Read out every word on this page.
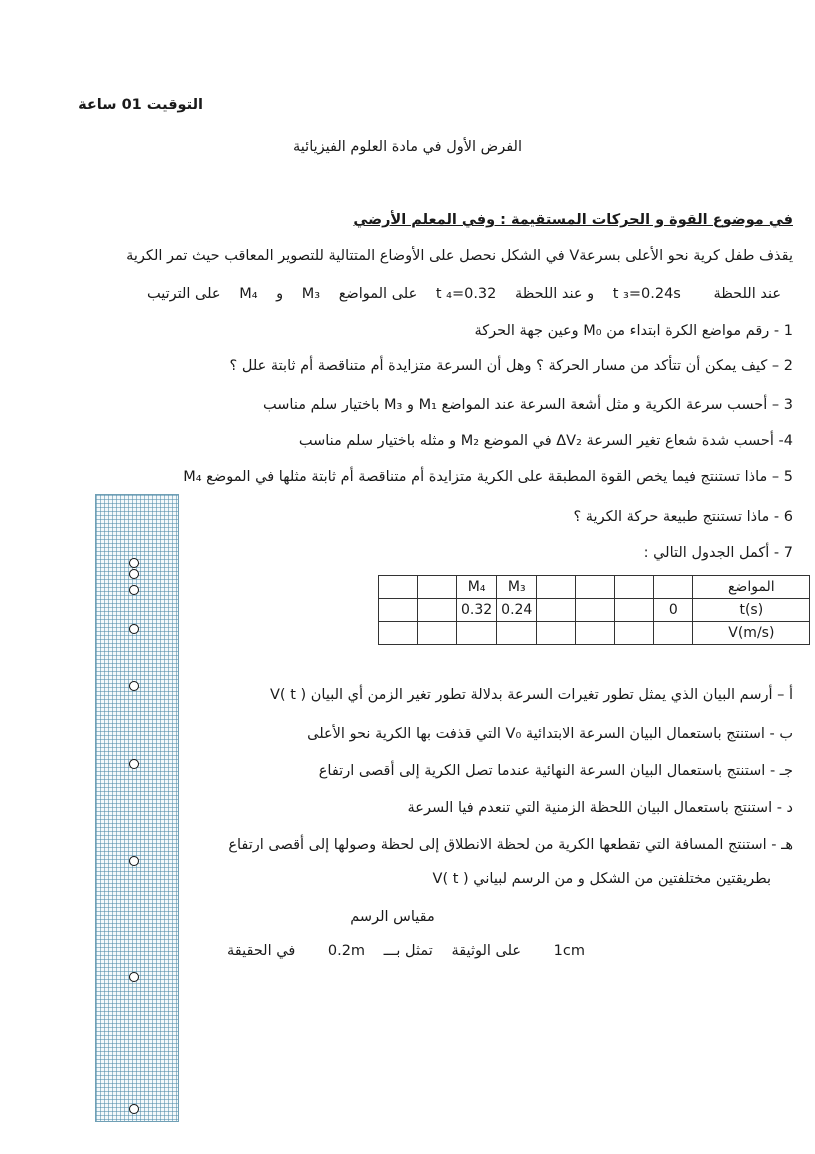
التوقيت 01 ساعة
الفرض الأول في مادة العلوم الفيزيائية
في موضوع القوة و الحركات المستقيمة : وفي المعلم الأرضي
يقذف طفل كرية نحو الأعلى بسرعةV في الشكل نحصل على الأوضاع المتتالية للتصوير المعاقب حيث تمر الكرية
عند اللحظة t ₃=0.24s و عند اللحظة t ₄=0.32 على المواضع M₃ و M₄ على الترتيب
1 - رقم مواضع الكرة ابتداء من M₀ وعين جهة الحركة
2 – كيف يمكن أن تتأكد من مسار الحركة ؟ وهل أن السرعة متزايدة أم متناقصة أم ثابتة علل ؟
3 – أحسب سرعة الكرية و مثل أشعة السرعة عند المواضع M₁ و M₃ باختيار سلم مناسب
4- أحسب شدة شعاع تغير السرعة ΔV₂ في الموضع M₂ و مثله باختيار سلم مناسب
5 – ماذا تستنتج فيما يخص القوة المطبقة على الكرية متزايدة أم متناقصة أم ثابتة مثلها في الموضع M₄
6 - ماذا تستنتج طبيعة حركة الكرية ؟
7 - أكمل الجدول التالي :
المواضع					M₃	M₄		
t(s)	0				0.24	0.32		
V(m/s)								
أ – أرسم البيان الذي يمثل تطور تغيرات السرعة بدلالة تطور تغير الزمن أي البيان ( V( t
ب - استنتج باستعمال البيان السرعة الابتدائية V₀ التي قذفت بها الكرية نحو الأعلى
جـ - استنتج باستعمال البيان السرعة النهائية عندما تصل الكرية إلى أقصى ارتفاع
د - استنتج باستعمال البيان اللحظة الزمنية التي تنعدم فيا السرعة
هـ - استنتج المسافة التي تقطعها الكرية من لحظة الانطلاق إلى لحظة وصولها إلى أقصى ارتفاع
بطريقتين مختلفتين من الشكل و من الرسم لبياني ( V( t
مقياس الرسم
1cm على الوثيقة تمثل بـــ 0.2m في الحقيقة
